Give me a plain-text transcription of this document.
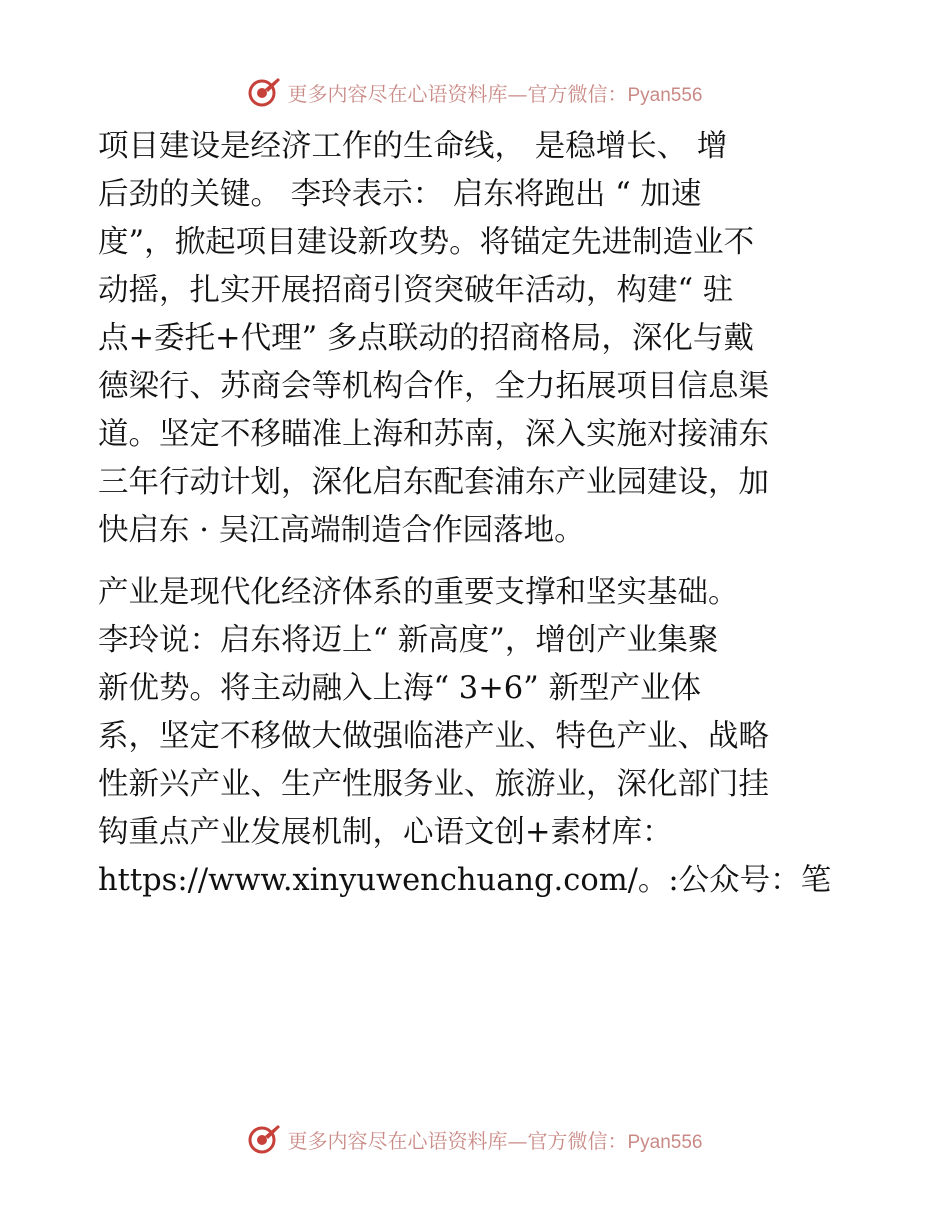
更多内容尽在心语资料库—官方微信：Pyan556
项目建设是经济工作的生命线， 是稳增长、 增
后劲的关键。 李玲表示： 启东将跑出 “ 加速
度”，掀起项目建设新攻势。将锚定先进制造业不
动摇，扎实开展招商引资突破年活动，构建“ 驻
点+委托+代理” 多点联动的招商格局，深化与戴
德梁行、苏商会等机构合作，全力拓展项目信息渠
道。坚定不移瞄准上海和苏南，深入实施对接浦东
三年行动计划，深化启东配套浦东产业园建设，加
快启东 · 吴江高端制造合作园落地。
产业是现代化经济体系的重要支撑和坚实基础。
李玲说：启东将迈上“ 新高度”，增创产业集聚
新优势。将主动融入上海“ 3+6” 新型产业体
系，坚定不移做大做强临港产业、特色产业、战略
性新兴产业、生产性服务业、旅游业，深化部门挂
钩重点产业发展机制，心语文创+素材库：
https://www.xinyuwenchuang.com/。:公众号：笔
更多内容尽在心语资料库—官方微信：Pyan556
